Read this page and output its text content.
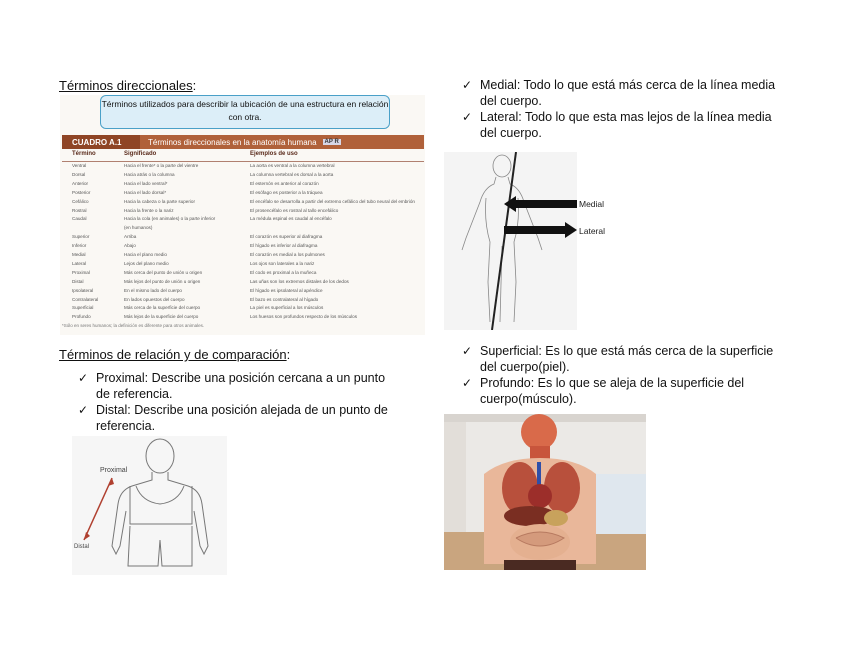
Términos direccionales:
Términos utilizados para describir la ubicación de una estructura en relación con otra.
CUADRO A.1	Términos direccionales en la anatomía humana	AP R
Término	Significado	Ejemplos de uso
Ventral	Hacia el frente* o la parte del vientre	La aorta es ventral a la columna vertebral
Dorsal	Hacia atrás o la columna	La columna vertebral es dorsal a la aorta
Anterior	Hacia el lado ventral*	El esternón es anterior al corazón
Posterior	Hacia el lado dorsal*	El esófago es posterior a la tráquea
Cefálico	Hacia la cabeza o la parte superior	El encéfalo se desarrolla a partir del extremo cefálico del tubo neural del embrión
Rostral	Hacia la frente o la nariz	El prosencéfalo es rostral al tallo encefálico
Caudal	Hacia la cola (en animales) o la parte inferior	La médula espinal es caudal al encéfalo
(en humanos)
Superior	Arriba	El corazón es superior al diafragma
Inferior	Abajo	El hígado es inferior al diafragma
Medial	Hacia el plano medio	El corazón es medial a los pulmones
Lateral	Lejos del plano medio	Los ojos son laterales a la nariz
Proximal	Más cerca del punto de unión u origen	El codo es proximal a la muñeca
Distal	Más lejos del punto de unión u origen	Las uñas son los extremos distales de los dedos
Ipsolateral	En el mismo lado del cuerpo	El hígado es ipsolateral al apéndice
Contralateral	En lados opuestos del cuerpo	El bazo es contralateral al hígado
Superficial	Más cerca de la superficie del cuerpo	La piel es superficial a los músculos
Profundo	Más lejos de la superficie del cuerpo	Los huesos son profundos respecto de los músculos
*Sólo en seres humanos; la definición es diferente para otros animales.
Términos de relación y de comparación:
✓ Proximal: Describe una posición cercana a un punto
de referencia.
✓ Distal: Describe una posición alejada de un punto de
referencia.
Proximal
Distal
✓ Medial: Todo lo que está más cerca de la línea media
del cuerpo.
✓ Lateral: Todo lo que esta mas lejos de la línea media
del cuerpo.
Medial
Lateral
✓ Superficial: Es lo que está más cerca de la superficie
del cuerpo(piel).
✓ Profundo: Es lo que se aleja de la superficie del
cuerpo(músculo).
